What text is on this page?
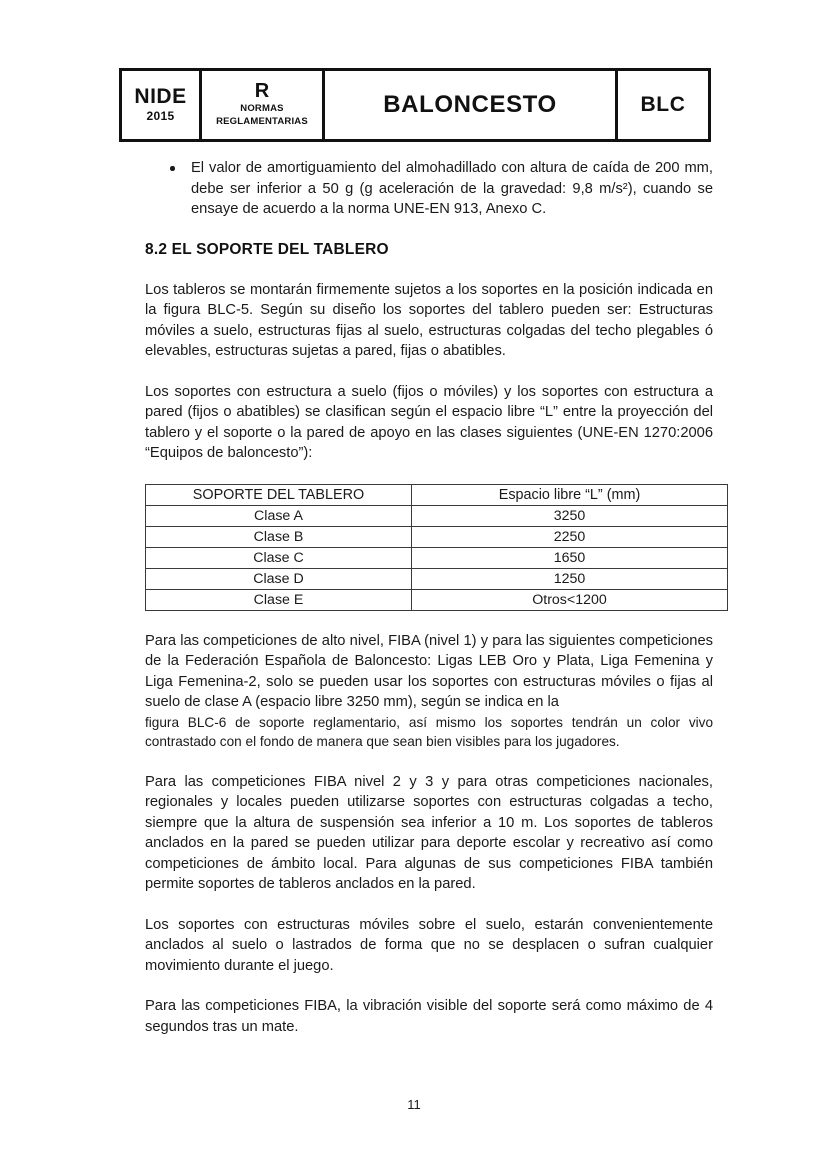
NIDE
2015
R
NORMAS
REGLAMENTARIAS
BALONCESTO	BLC
El valor de amortiguamiento del almohadillado con altura de caída de 200 mm, debe ser inferior a 50 g (g aceleración de la gravedad: 9,8 m/s²), cuando se ensaye de acuerdo a la norma UNE-EN 913, Anexo C.
8.2 EL SOPORTE DEL TABLERO

Los tableros se montarán firmemente sujetos a los soportes en la posición indicada en la figura BLC-5. Según su diseño los soportes del tablero pueden ser: Estructuras móviles a suelo, estructuras fijas al suelo, estructuras colgadas del techo plegables ó elevables, estructuras sujetas a pared, fijas o abatibles.

Los soportes con estructura a suelo (fijos o móviles) y los soportes con estructura a pared (fijos o abatibles) se clasifican según el espacio libre “L” entre la proyección del tablero y el soporte o la pared de apoyo en las clases siguientes (UNE-EN 1270:2006 “Equipos de baloncesto”):

SOPORTE DEL TABLERO	Espacio libre “L” (mm)
Clase A	3250
Clase B	2250
Clase C	1650
Clase D	1250
Clase E	Otros<1200

Para las competiciones de alto nivel, FIBA (nivel 1) y para las siguientes competiciones de la Federación Española de Baloncesto: Ligas LEB Oro y Plata, Liga Femenina y Liga Femenina-2, solo se pueden usar los soportes con estructuras móviles o fijas al suelo de clase A (espacio libre 3250 mm), según se indica en la

figura BLC-6 de soporte reglamentario, así mismo los soportes tendrán un color vivo contrastado con el fondo de manera que sean bien visibles para los jugadores.

Para las competiciones FIBA nivel 2 y 3 y para otras competiciones nacionales, regionales y locales pueden utilizarse soportes con estructuras colgadas a techo, siempre que la altura de suspensión sea inferior a 10 m. Los soportes de tableros anclados en la pared se pueden utilizar para deporte escolar y recreativo así como competiciones de ámbito local. Para algunas de sus competiciones FIBA también permite soportes de tableros anclados en la pared.

Los soportes con estructuras móviles sobre el suelo, estarán convenientemente anclados al suelo o lastrados de forma que no se desplacen o sufran cualquier movimiento durante el juego.

Para las competiciones FIBA, la vibración visible del soporte será como máximo de 4 segundos tras un mate.

11
